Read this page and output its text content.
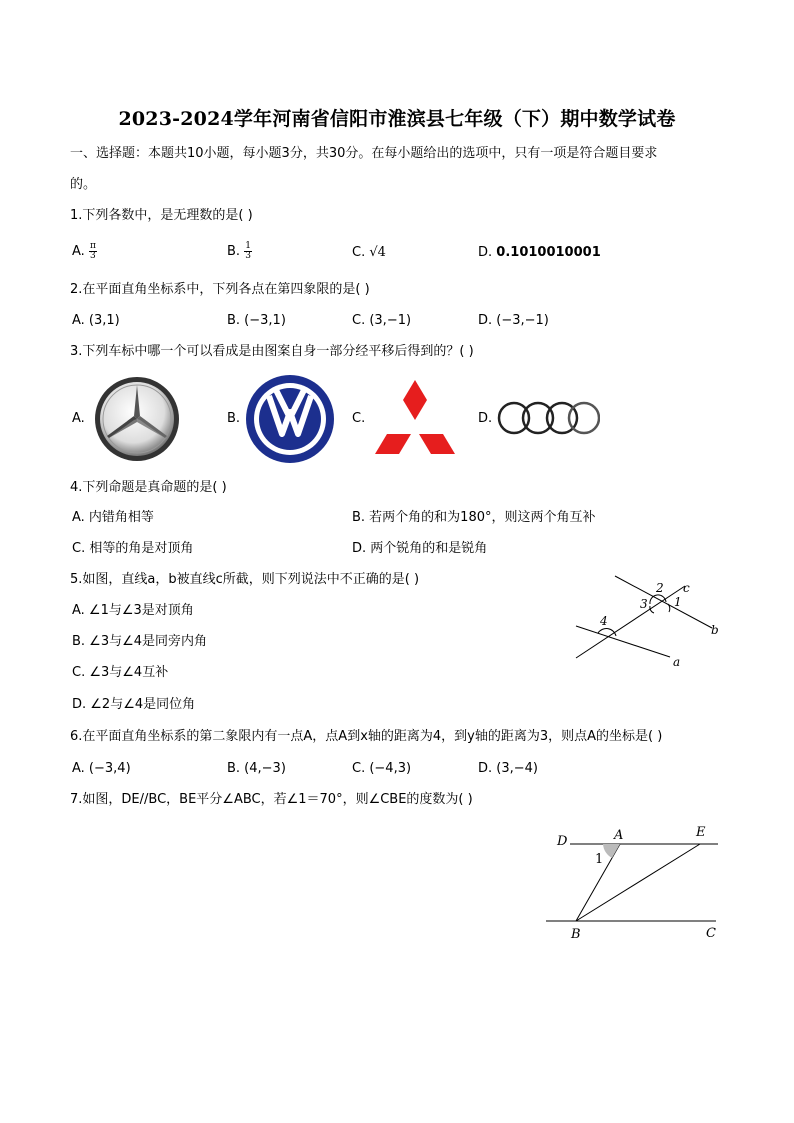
2023-2024学年河南省信阳市淮滨县七年级（下）期中数学试卷
一、选择题：本题共10小题，每小题3分，共30分。在每小题给出的选项中，只有一项是符合题目要求
的。
1.下列各数中，是无理数的是( )
A. $\frac{\pi}{3}$	B. $\frac{1}{3}$	C. √4	D. 0.1010010001
2.在平面直角坐标系中，下列各点在第四象限的是( )
A. (3,1)	B. (−3,1)	C. (3,−1)	D. (−3,−1)
3.下列车标中哪一个可以看成是由图案自身一部分经平移后得到的？( )
A.	B.	C.	D.
4.下列命题是真命题的是( )
A. 内错角相等	B. 若两个角的和为180°，则这两个角互补
C. 相等的角是对顶角	D. 两个锐角的和是锐角
5.如图，直线a，b被直线c所截，则下列说法中不正确的是( )
A. ∠1与∠3是对顶角
B. ∠3与∠4是同旁内角
C. ∠3与∠4互补
D. ∠2与∠4是同位角
2 c
3 1
b
4
a
6.在平面直角坐标系的第二象限内有一点A，点A到x轴的距离为4，到y轴的距离为3，则点A的坐标是( )
A. (−3,4)	B. (4,−3)	C. (−4,3)	D. (3,−4)
7.如图，DE//BC，BE平分∠ABC，若∠1＝70°，则∠CBE的度数为( )
D	A	E
1
B	C
